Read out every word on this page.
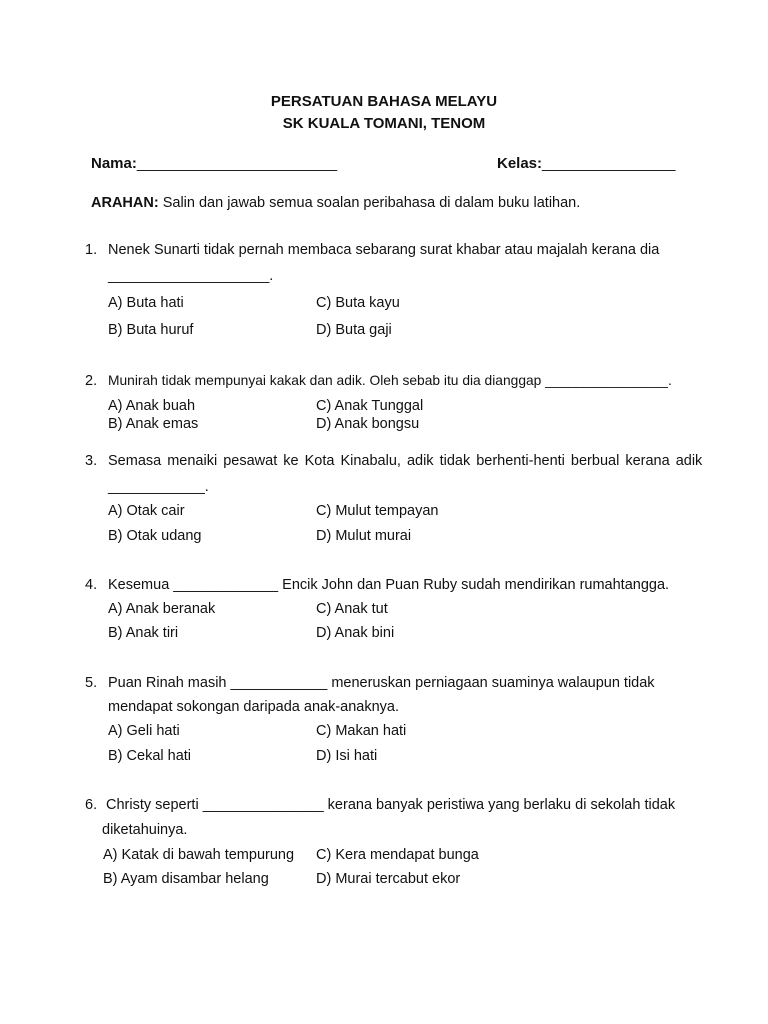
PERSATUAN BAHASA MELAYU
SK KUALA TOMANI, TENOM
Nama:________________________	Kelas:________________
ARAHAN: Salin dan jawab semua soalan peribahasa di dalam buku latihan.
1. Nenek Sunarti tidak pernah membaca sebarang surat khabar atau majalah kerana dia
____________________.
A) Buta hati	C) Buta kayu
B) Buta huruf	D) Buta gaji
2. Munirah tidak mempunyai kakak dan adik. Oleh sebab itu dia dianggap ________________.
A) Anak buah	C) Anak Tunggal
B) Anak emas	D) Anak bongsu
3. Semasa menaiki pesawat ke Kota Kinabalu, adik tidak berhenti-henti berbual kerana adik
____________.
A) Otak cair	C) Mulut tempayan
B) Otak udang	D) Mulut murai
4. Kesemua _____________ Encik John dan Puan Ruby sudah mendirikan rumahtangga.
A) Anak beranak	C) Anak tut
B) Anak tiri	D) Anak bini
5. Puan Rinah masih ____________ meneruskan perniagaan suaminya walaupun tidak
mendapat sokongan daripada anak-anaknya.
A) Geli hati	C) Makan hati
B) Cekal hati	D) Isi hati
6. Christy seperti _______________ kerana banyak peristiwa yang berlaku di sekolah tidak
diketahuinya.
A) Katak di bawah tempurung C) Kera mendapat bunga
B) Ayam disambar helang	D) Murai tercabut ekor
